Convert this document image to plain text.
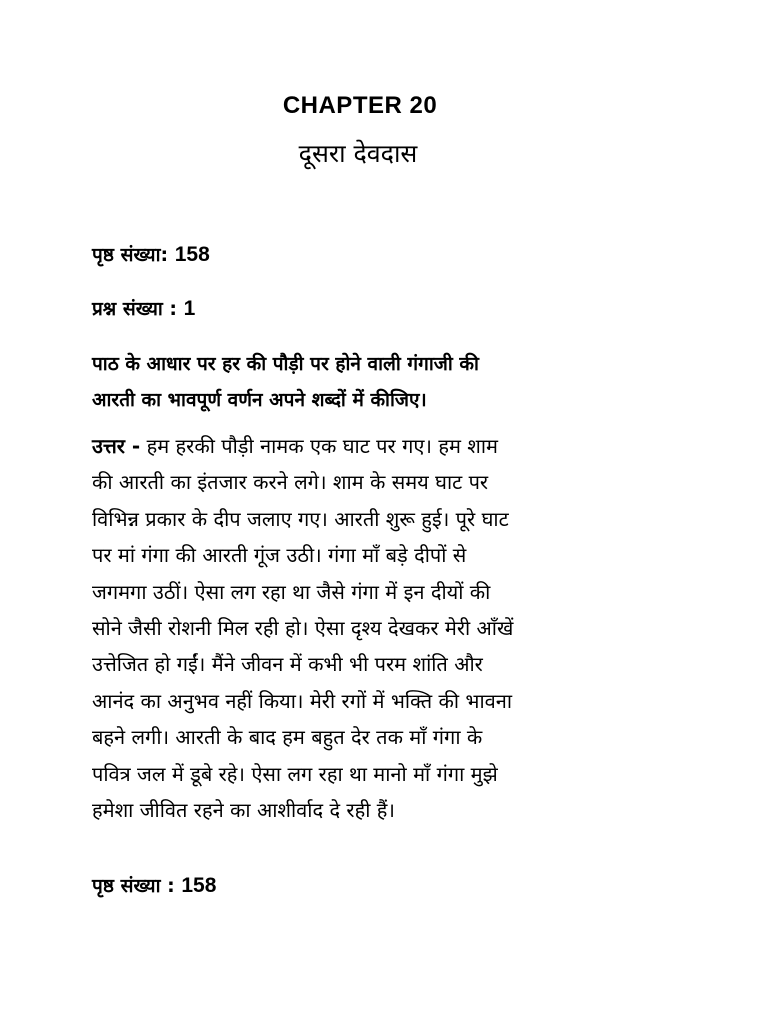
CHAPTER 20
दूसरा देवदास
पृष्ठ संख्या: 158
प्रश्न संख्या : 1
पाठ के आधार पर हर की पौड़ी पर होने वाली गंगाजी की
आरती का भावपूर्ण वर्णन अपने शब्दों में कीजिए।
उत्तर - हम हरकी पौड़ी नामक एक घाट पर गए। हम शाम
की आरती का इंतजार करने लगे। शाम के समय घाट पर
विभिन्न प्रकार के दीप जलाए गए। आरती शुरू हुई। पूरे घाट
पर मां गंगा की आरती गूंज उठी। गंगा माँ बड़े दीपों से
जगमगा उठीं। ऐसा लग रहा था जैसे गंगा में इन दीयों की
सोने जैसी रोशनी मिल रही हो। ऐसा दृश्य देखकर मेरी आँखें
उत्तेजित हो गईं। मैंने जीवन में कभी भी परम शांति और
आनंद का अनुभव नहीं किया। मेरी रगों में भक्ति की भावना
बहने लगी। आरती के बाद हम बहुत देर तक माँ गंगा के
पवित्र जल में डूबे रहे। ऐसा लग रहा था मानो माँ गंगा मुझे
हमेशा जीवित रहने का आशीर्वाद दे रही हैं।
पृष्ठ संख्या : 158
